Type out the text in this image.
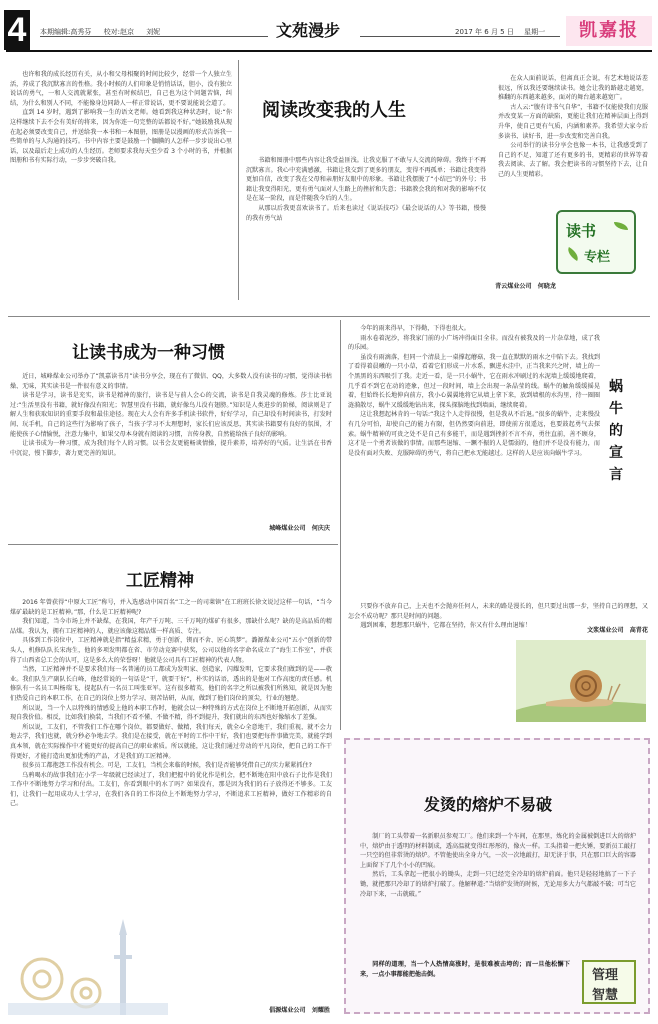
4	本期编辑:高秀芬 校对:赵京 刘妮	文苑漫步	2017 年 6 月 5 日 星期一	凯嘉报

也许和我的成长经历有关，从小和父母相聚的时间比较少，经常一个人独立生活，养成了我沉默寡言的性格。我小时候的人们印象是悄悄话话，胆小，没有独立说话的勇气，一和人交流就紧张，甚至有时候结巴，自己也为这个问题苦恼，纠结，为什么和别人不同，不能像身边同龄人一样正常说话，更不要说能说会道了。

直到 14 岁时，遇到了影响我一生的语文老师。她看到我这种状态时，说:“你这样继续下去不会有美好的将来，因为你连一句完整的话都说不好。”她鼓励我从现在起必须要改变自己，并送给我一本书和一本图册，图册是以漫画的形式告诉我一些简单的与人沟通的技巧。书中内容主要是鼓励一个腼腆的人怎样一步步说出心里话，以及最后走上成功的人生经历。老师要求我每天至少看 3 个小时的书，并根据图册和书有实际行动，一步步突破自我。

阅读改变我的人生

书籍和图册中那些内容让我受益匪浅。让我克服了不敢与人交流的障碍。我终于不再沉默寡言。我心中充满感激，书籍让我交到了更多的朋友，变得不再孤单；书籍让我变得更加自信，改变了我在父母和亲朋好友眼中的形象。书籍让我摆脱了“小结巴”的外号；书籍让我变得阳光，更有勇气面对人生路上的挫折和失意；书籍教会我的和对我的影响不仅是在某一阶段，而是伴随我今后的人生。

从那以后我更喜欢读书了。后来也读过《说话技巧》《最会说话的人》等书籍，慢慢的我有勇气站

在众人面前说话，但离真正会说，有艺术地说话差很远，所以我还要继续读书。她会让我的路越走越宽，推翻的东西越来越多，面对的舞台越来越宽广。

古人云:“腹有诗书气自华”，书籍不仅能使我们克服并改变某一方面的缺陷，更能让我们在精神层面上得到升华，使自己更有气质，内涵和素养。我希望大家今后多读书、读好书，进一步改变和完善自我。

公司举行的读书分享会也像一本书，让我感受到了自己的不足，知道了还有更多的书，更精彩的世界等着我去阅读、去了解。我会把读书的习惯坚持下去，让自己的人生更精彩。

青云煤业公司　何晓龙
读书
专栏
让读书成为一种习惯

近日，城峰煤业公司举办了“凯嘉读书月”读书分享会，现在有了微信、QQ，大多数人没有读书的习惯，觉得读书枯燥、无味，其实读书是一件很有意义的事情。

读书是学习，读书是充实，读书是精神的旅行，读书是与前人会心的交流，读书是自我灵魂的修炼。莎士比亚说过:“生活里没有书籍，就好像没有阳光；智慧里没有书籍，就好像鸟儿没有翅膀。”知识是人类进步的阶梯，阅读则是了解人生和获取知识的重要手段和最佳途径。现在大人会有许多手机读书软件，好好学习，自己却没有时间读书，打发时间、玩手机，自己的这些行为影响了孩子，当孩子学习不太理想时，家长们应该反思，其实读书籍要有良好的氛围，才能使孩子心情愉悦，注意力集中，如果父母本身就有阅读的习惯，言传身教，自然能给孩子良好的影响。

让读书成为一种习惯，成为我们每个人的习惯。以书会友更能畅谈情操，提升素养，培养好的气质。让生活在书香中沉淀，慢下脚步，著力更完善的知识。

城峰煤业公司　何庆庆
工匠精神

2016 年曾获得“中原大工匠”称号，并入选感动中国百名“工之一的司莱镇”在工班班长徐文说过这样一句话，“当今煤矿最缺的是工匠精神。”那，什么是工匠精神呢?

我们知道，当今市场上并不缺煤，在我国，年产千万吨、三千万吨的煤矿有很多，那缺什么呢？缺的是高品质的精品煤。我认为，拥有工匠精神的人，就应该像这精品煤一样高质、专注。

具体到工作岗位中，工匠精神就是指“精益求精，勇于创新，锲而不舍、匠心筑梦”。潞源煤业公司“五小”创新的带头人，机修队队长宋海生，他的多项发明都在省、市劳动竞赛中获奖，公司以他的名字命名成立了“海生工作室”，并获得了山西省总工会的认可，这是多么大的荣誉呀！他就是公司具有工匠精神的代表人物。

当然，工匠精神并不是要求我们每一名普通的员工都成为发明家、创造家，闪耀发明，它要求我们做到的是——敬业。我们队生产副队长白峰，他经常说的一句话是“干，就要干好”，朴实的话语，透出的是他对工作高度的责任感。机修队有一名员工叫杨瑞飞，提起队有一名员工叫张亚军。这有很多精英，他们的名字之所以被我们所熟知，就是因为他们热爱自己的本职工作，在自己的岗位上努力学习、刻苦钻研，从而，做到了他们岗位的顶尖，行业的翘楚。

所以说，当一个人以特殊的情感爱上他的本职工作时，他就会以一种特殊的方式在岗位上不断地开拓创新，从而实现自我价值。相反，比如我们换装，当我们不看不懂、不做不精，得不到提升，我们就出的东西也好像缩水了差强。

所以说，工友们，不管我们工作在哪个岗位，都要做好、做精，我们每天，就全心全意地干，我们重视，就不会力地去学，我们也就，就分秒必争地去学。我们是在接受，就在平时的工作中干好，我们也要把每件事做完美，就能学到真本领，就在实际操作中才能更好的提高自己的职业素质。所以就能，这让我们通过劳动的平凡岗位，把自己的工作干得更好，才能打造出更加优秀的产品，才是我们的工匠精神。

很多员工都抱怨工作没有机会。可是，工友们，当机会来临的时候，我们是否能够凭借自己的实力紧紧抓住?

乌鸦喝水的故事我们在小学一年级就已经读过了，我们把握中的优化作是机会，把不断地在阳中放石子比作是我们工作中不断地努力学习和付出。工友们，你看到眼中的水了吗？如果没有，那是因为我们的石子放得还不够多。工友们，让我们一起用成功人士学习，在我们各自的工作岗位上不断地努力学习，不断追求工匠精神，做好工作精彩的自己。

倡源煤业公司　刘耀胜

今年的雨来得早，下得勤，下得也很大。

雨水卷着泥沙，将我家门前的小广场冲得面目全非。而没有被我及的一片杂草地，成了我的乐园。

虽没有雨滴落，但同一个清晨上一桌撑起蘑菇，我一直在默默的雨水之中陷下去。我找到了看得着晨曦的一只小草，看着它们形成一片水系，飘进水洼中，正当我来兴之时，墙上的一个黑黑的东西吸引了我。走近一看，是一只小蜗牛，它在雨水冲刷过的水泥墙上缓缓地爬着，几乎看不到它在动的迹象，但过一段时间，墙上会出现一条晶莹的线。蜗牛的触角缓缓摇晃着，但始终长长地伸向前方，我小心翼翼地将它从墙上拿下来，放到墙根的水沟里，待一圈圈涟漪散尽，蜗牛又缓缓地钻出来，探头探脑地找到墙面，继续爬着。

这让我想起林肯的一句话:“我这个人走得很慢，但是我从不后退。”很多的蜗牛，走来慢没有几分可怕，却使自己的能力有限，但仍然要向前进，即使前方很遥远，也要鼓起勇气去探索。蜗牛精神的可贵之处不是自己有多能干，而是遇到挫折不言不弃，勇往直前，善不顾身，这才是一个勇者该做的事情。而那些退缩、一蹶不振的人是懦弱的，他们并不是没有能力，而是没有面对失败、克服障碍的勇气，将自己把永无能越过。这样的人是应该向蜗牛学习。

蜗
牛
的
宣
言

只要你不放弃自己，上天也不会抛弃任何人，未来的路是漫长的，但只要过出那一步，坚持自己的理想，又怎会不成功呢？那只是时间的问题。

遇到困难，想想那只蜗牛，它都在坚持，你又有什么理由退缩！

文浆煤业公司　高青花
发烫的熔炉不易破

制厂的工头带着一名新职员参观工厂。他们来到一个车间，在那里，炼化的金属被倒进巨大的熔炉中，熔炉由于透明的材料制成，透高温就变得红彤彤的，像火一样。工头指着一把火锤，要新员工敲打一只空的但非常烫的熔炉。不管他使出全身力气，一次一次地敲打，却无济于事，只在那口巨大的容器上面留下了几个小小的凹痕。

然后，工头拿起一把很小的锄头，走到一只已经完全冷却的熔炉前面。他只是轻轻地搞了一下子锄，就把那只冷却了的熔炉打破了。他解释道:“当熔炉发烫的时候，无论用多大力气都敲不破；可当它冷却下来，一击就破。”

同样的道理，当一个人热情高涨时，是很难被击垮的；而一旦他松懈下来，一点小事都能把他击倒。	管理
智慧
